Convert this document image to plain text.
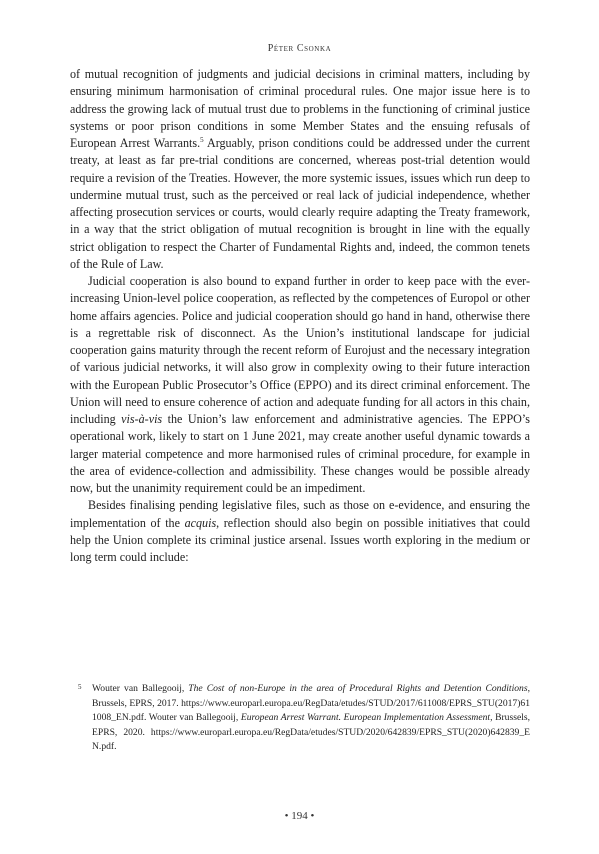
Péter Csonka

of mutual recognition of judgments and judicial decisions in criminal matters, including by ensuring minimum harmonisation of criminal procedural rules. One major issue here is to address the growing lack of mutual trust due to problems in the functioning of criminal justice systems or poor prison conditions in some Member States and the ensuing refusals of European Arrest Warrants.$^5$ Arguably, prison conditions could be addressed under the current treaty, at least as far pre-trial conditions are concerned, whereas post-trial detention would require a revision of the Treaties. However, the more systemic issues, issues which run deep to undermine mutual trust, such as the perceived or real lack of judicial independence, whether affecting prosecution services or courts, would clearly require adapting the Treaty framework, in a way that the strict obligation of mutual recognition is brought in line with the equally strict obligation to respect the Charter of Fundamental Rights and, indeed, the common tenets of the Rule of Law.

Judicial cooperation is also bound to expand further in order to keep pace with the ever-increasing Union-level police cooperation, as reflected by the competences of Europol or other home affairs agencies. Police and judicial cooperation should go hand in hand, otherwise there is a regrettable risk of disconnect. As the Union’s institutional landscape for judicial cooperation gains maturity through the recent reform of Eurojust and the necessary integration of various judicial networks, it will also grow in complexity owing to their future interaction with the European Public Prosecutor’s Office (EPPO) and its direct criminal enforcement. The Union will need to ensure coherence of action and adequate funding for all actors in this chain, including vis-à-vis the Union’s law enforcement and administrative agencies. The EPPO’s operational work, likely to start on 1 June 2021, may create another useful dynamic towards a larger material competence and more harmonised rules of criminal procedure, for example in the area of evidence-collection and admissibility. These changes would be possible already now, but the unanimity requirement could be an impediment.

Besides finalising pending legislative files, such as those on e-evidence, and ensuring the implementation of the acquis, reflection should also begin on possible initiatives that could help the Union complete its criminal justice arsenal. Issues worth exploring in the medium or long term could include:

5 Wouter van Ballegooij, The Cost of non-Europe in the area of Procedural Rights and Detention Conditions, Brussels, EPRS, 2017. https://www.europarl.europa.eu/RegData/etudes/STUD/2017/611008/EPRS_STU(2017)611008_EN.pdf. Wouter van Ballegooij, European Arrest Warrant. European Implementation Assessment, Brussels, EPRS, 2020. https://www.europarl.europa.eu/RegData/etudes/STUD/2020/642839/EPRS_STU(2020)642839_EN.pdf.
• 194 •
